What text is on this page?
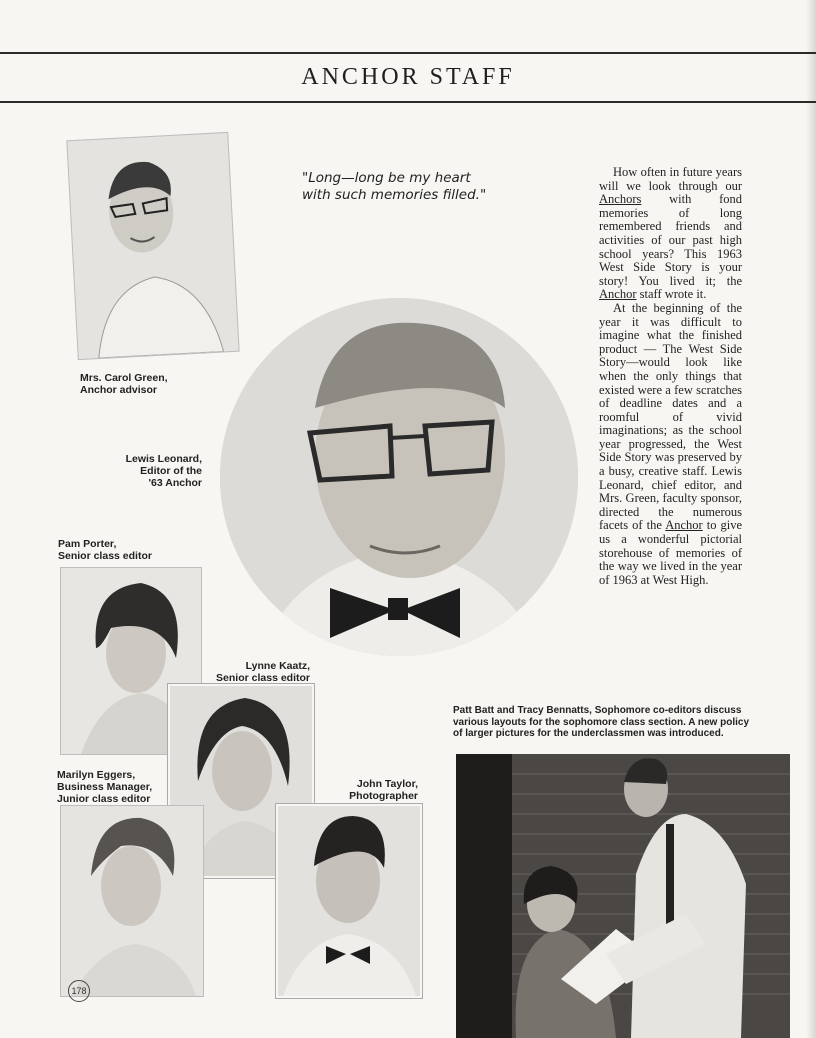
ANCHOR STAFF
Mrs. Carol Green,
Anchor advisor
"Long—long be my heart
with such memories filled."
Lewis Leonard,
Editor of the
'63 Anchor

How often in future years will we look through our Anchors with fond memories of long remembered friends and activities of our past high school years? This 1963 West Side Story is your story! You lived it; the Anchor staff wrote it.

At the beginning of the year it was difficult to imagine what the finished product — The West Side Story—would look like when the only things that existed were a few scratches of deadline dates and a roomful of vivid imaginations; as the school year progressed, the West Side Story was preserved by a busy, creative staff. Lewis Leonard, chief editor, and Mrs. Green, faculty sponsor, directed the numerous facets of the Anchor to give us a wonderful pictorial storehouse of memories of the way we lived in the year of 1963 at West High.

Pam Porter,
Senior class editor
Lynne Kaatz,
Senior class editor
Marilyn Eggers,
Business Manager,
Junior class editor
John Taylor,
Photographer
Patt Batt and Tracy Bennatts, Sophomore co-editors discuss various layouts for the sophomore class section. A new policy of larger pictures for the underclassmen was introduced.
178
